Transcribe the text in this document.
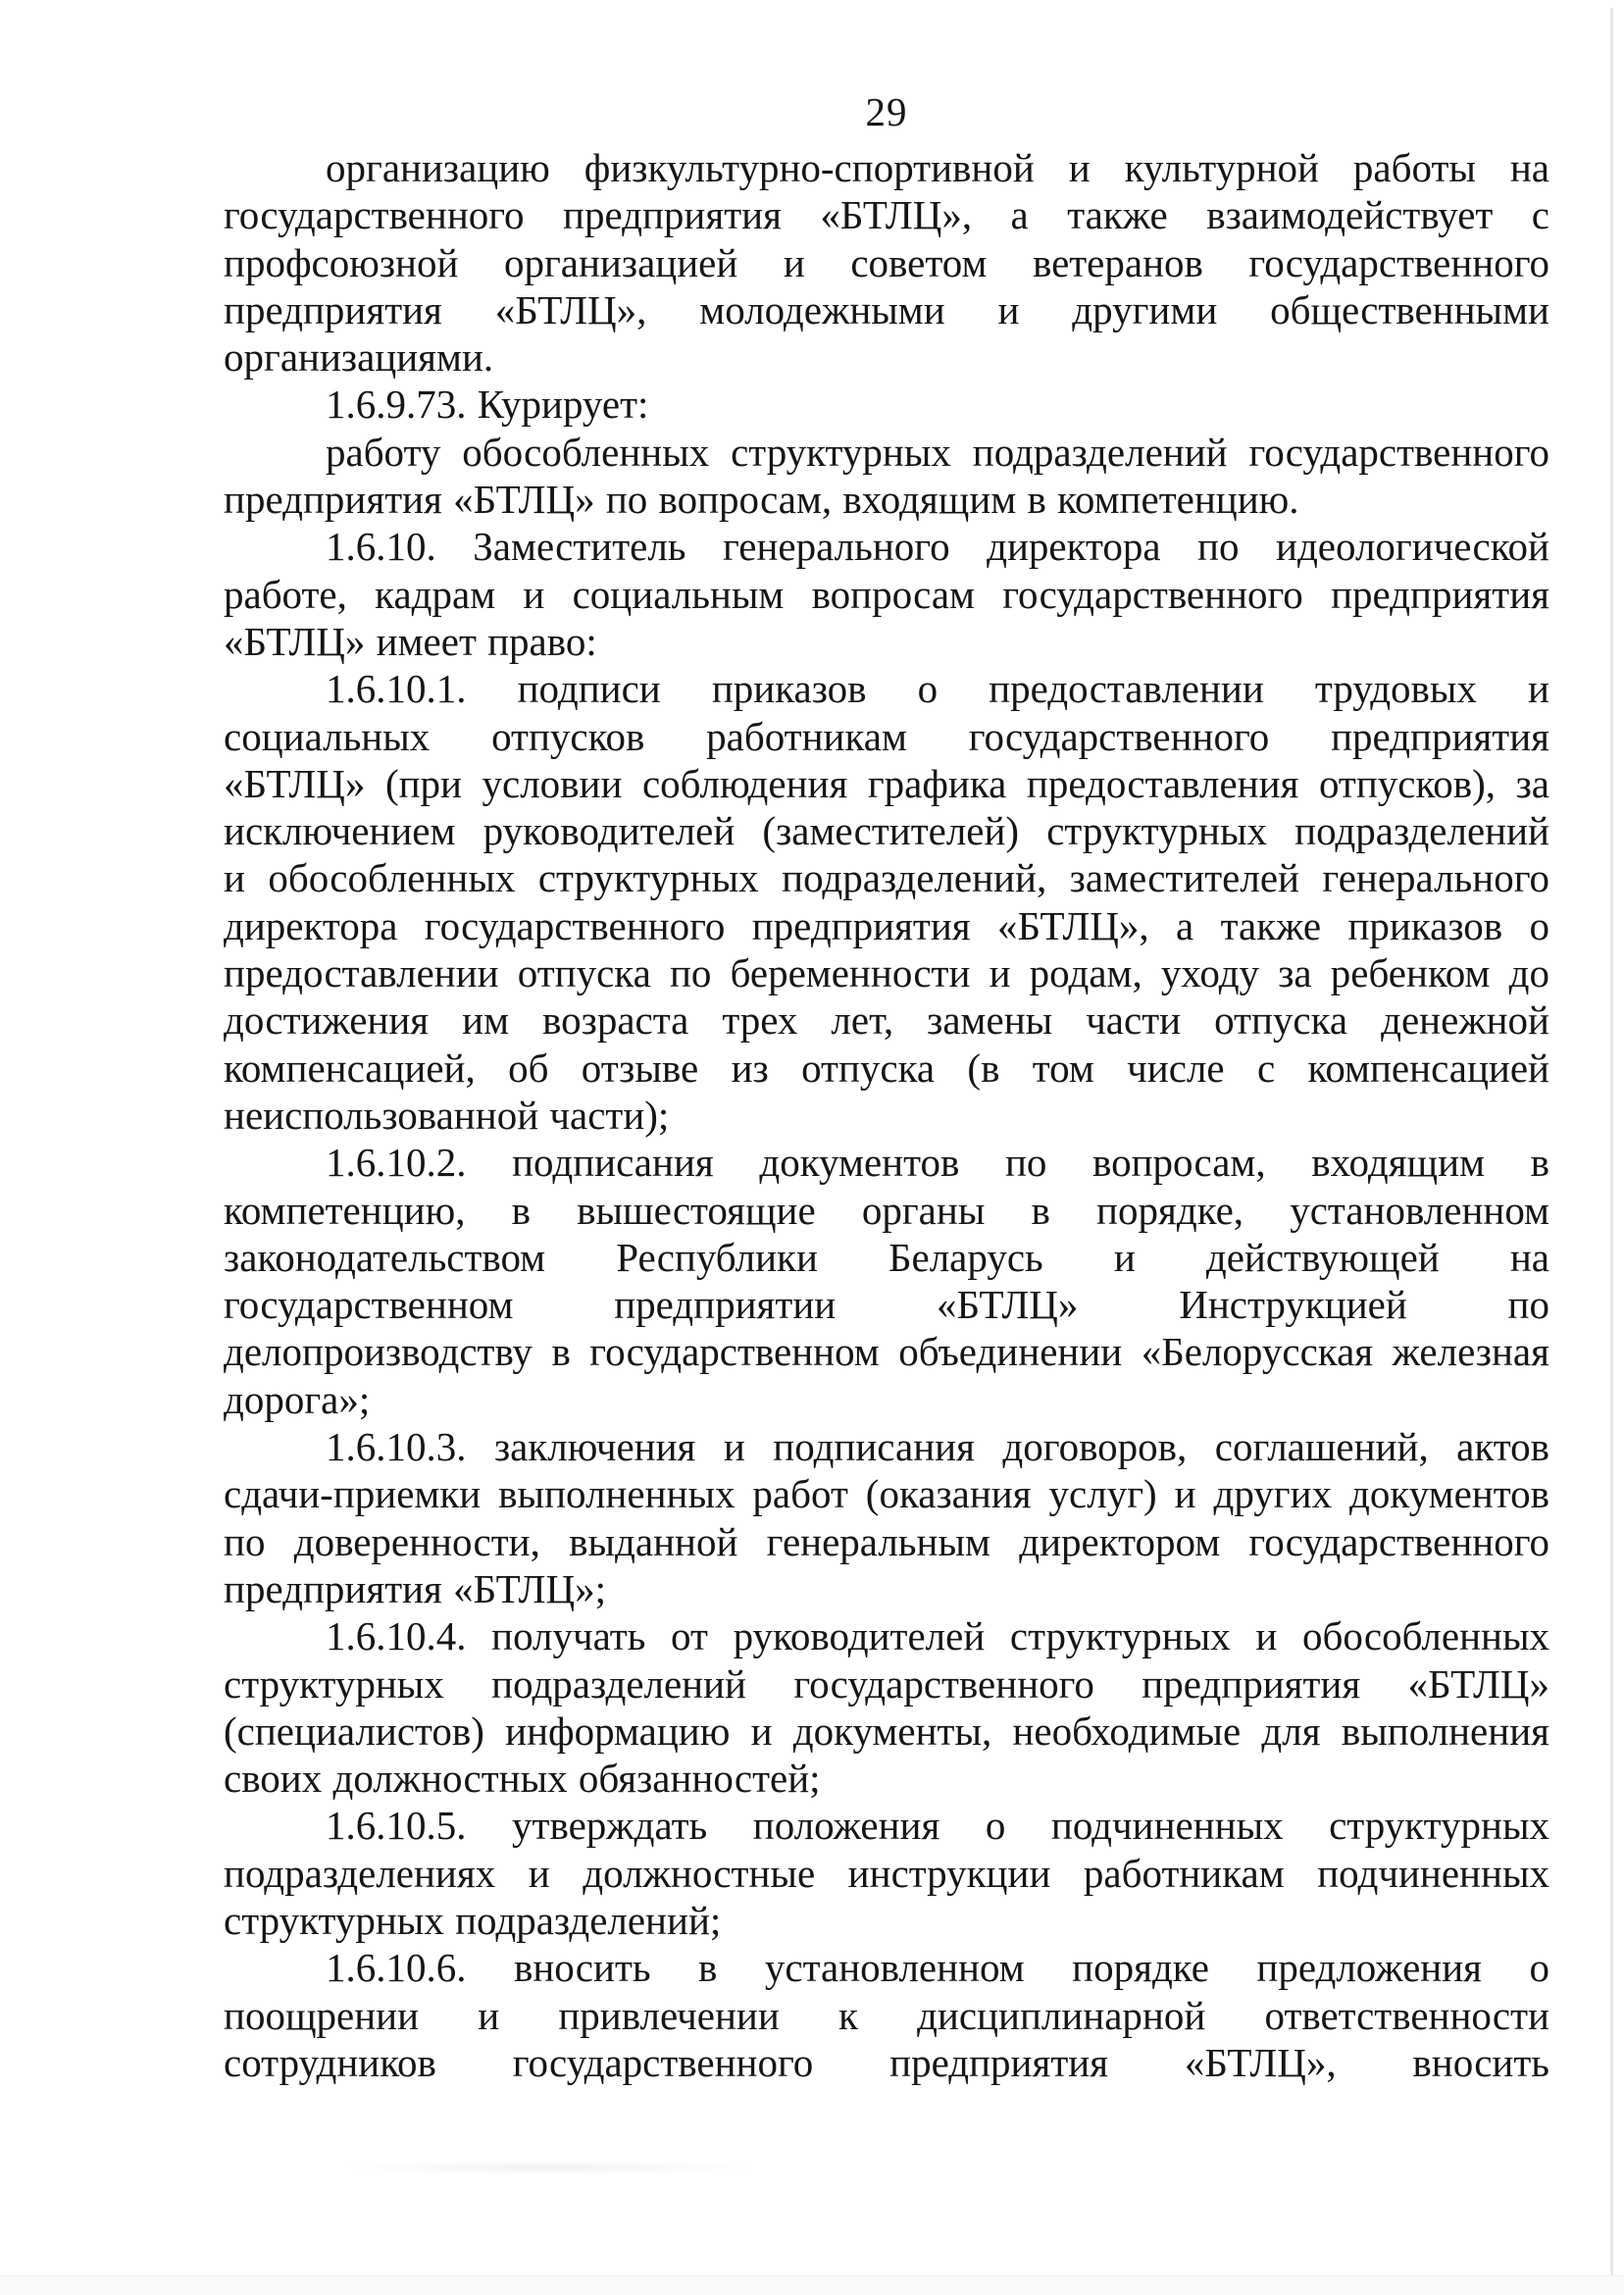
29
организацию физкультурно-спортивной и культурной работы на
государственного предприятия «БТЛЦ», а также взаимодействует с
профсоюзной организацией и советом ветеранов государственного
предприятия «БТЛЦ», молодежными и другими общественными
организациями.
1.6.9.73. Курирует:
работу обособленных структурных подразделений государственного
предприятия «БТЛЦ» по вопросам, входящим в компетенцию.
1.6.10. Заместитель генерального директора по идеологической
работе, кадрам и социальным вопросам государственного предприятия
«БТЛЦ» имеет право:
1.6.10.1. подписи приказов о предоставлении трудовых и
социальных отпусков работникам государственного предприятия
«БТЛЦ» (при условии соблюдения графика предоставления отпусков), за
исключением руководителей (заместителей) структурных подразделений
и обособленных структурных подразделений, заместителей генерального
директора государственного предприятия «БТЛЦ», а также приказов о
предоставлении отпуска по беременности и родам, уходу за ребенком до
достижения им возраста трех лет, замены части отпуска денежной
компенсацией, об отзыве из отпуска (в том числе с компенсацией
неиспользованной части);
1.6.10.2. подписания документов по вопросам, входящим в
компетенцию, в вышестоящие органы в порядке, установленном
законодательством Республики Беларусь и действующей на
государственном предприятии «БТЛЦ» Инструкцией по
делопроизводству в государственном объединении «Белорусская железная
дорога»;
1.6.10.3. заключения и подписания договоров, соглашений, актов
сдачи-приемки выполненных работ (оказания услуг) и других документов
по доверенности, выданной генеральным директором государственного
предприятия «БТЛЦ»;
1.6.10.4. получать от руководителей структурных и обособленных
структурных подразделений государственного предприятия «БТЛЦ»
(специалистов) информацию и документы, необходимые для выполнения
своих должностных обязанностей;
1.6.10.5. утверждать положения о подчиненных структурных
подразделениях и должностные инструкции работникам подчиненных
структурных подразделений;
1.6.10.6. вносить в установленном порядке предложения о
поощрении и привлечении к дисциплинарной ответственности
сотрудников государственного предприятия «БТЛЦ», вносить
